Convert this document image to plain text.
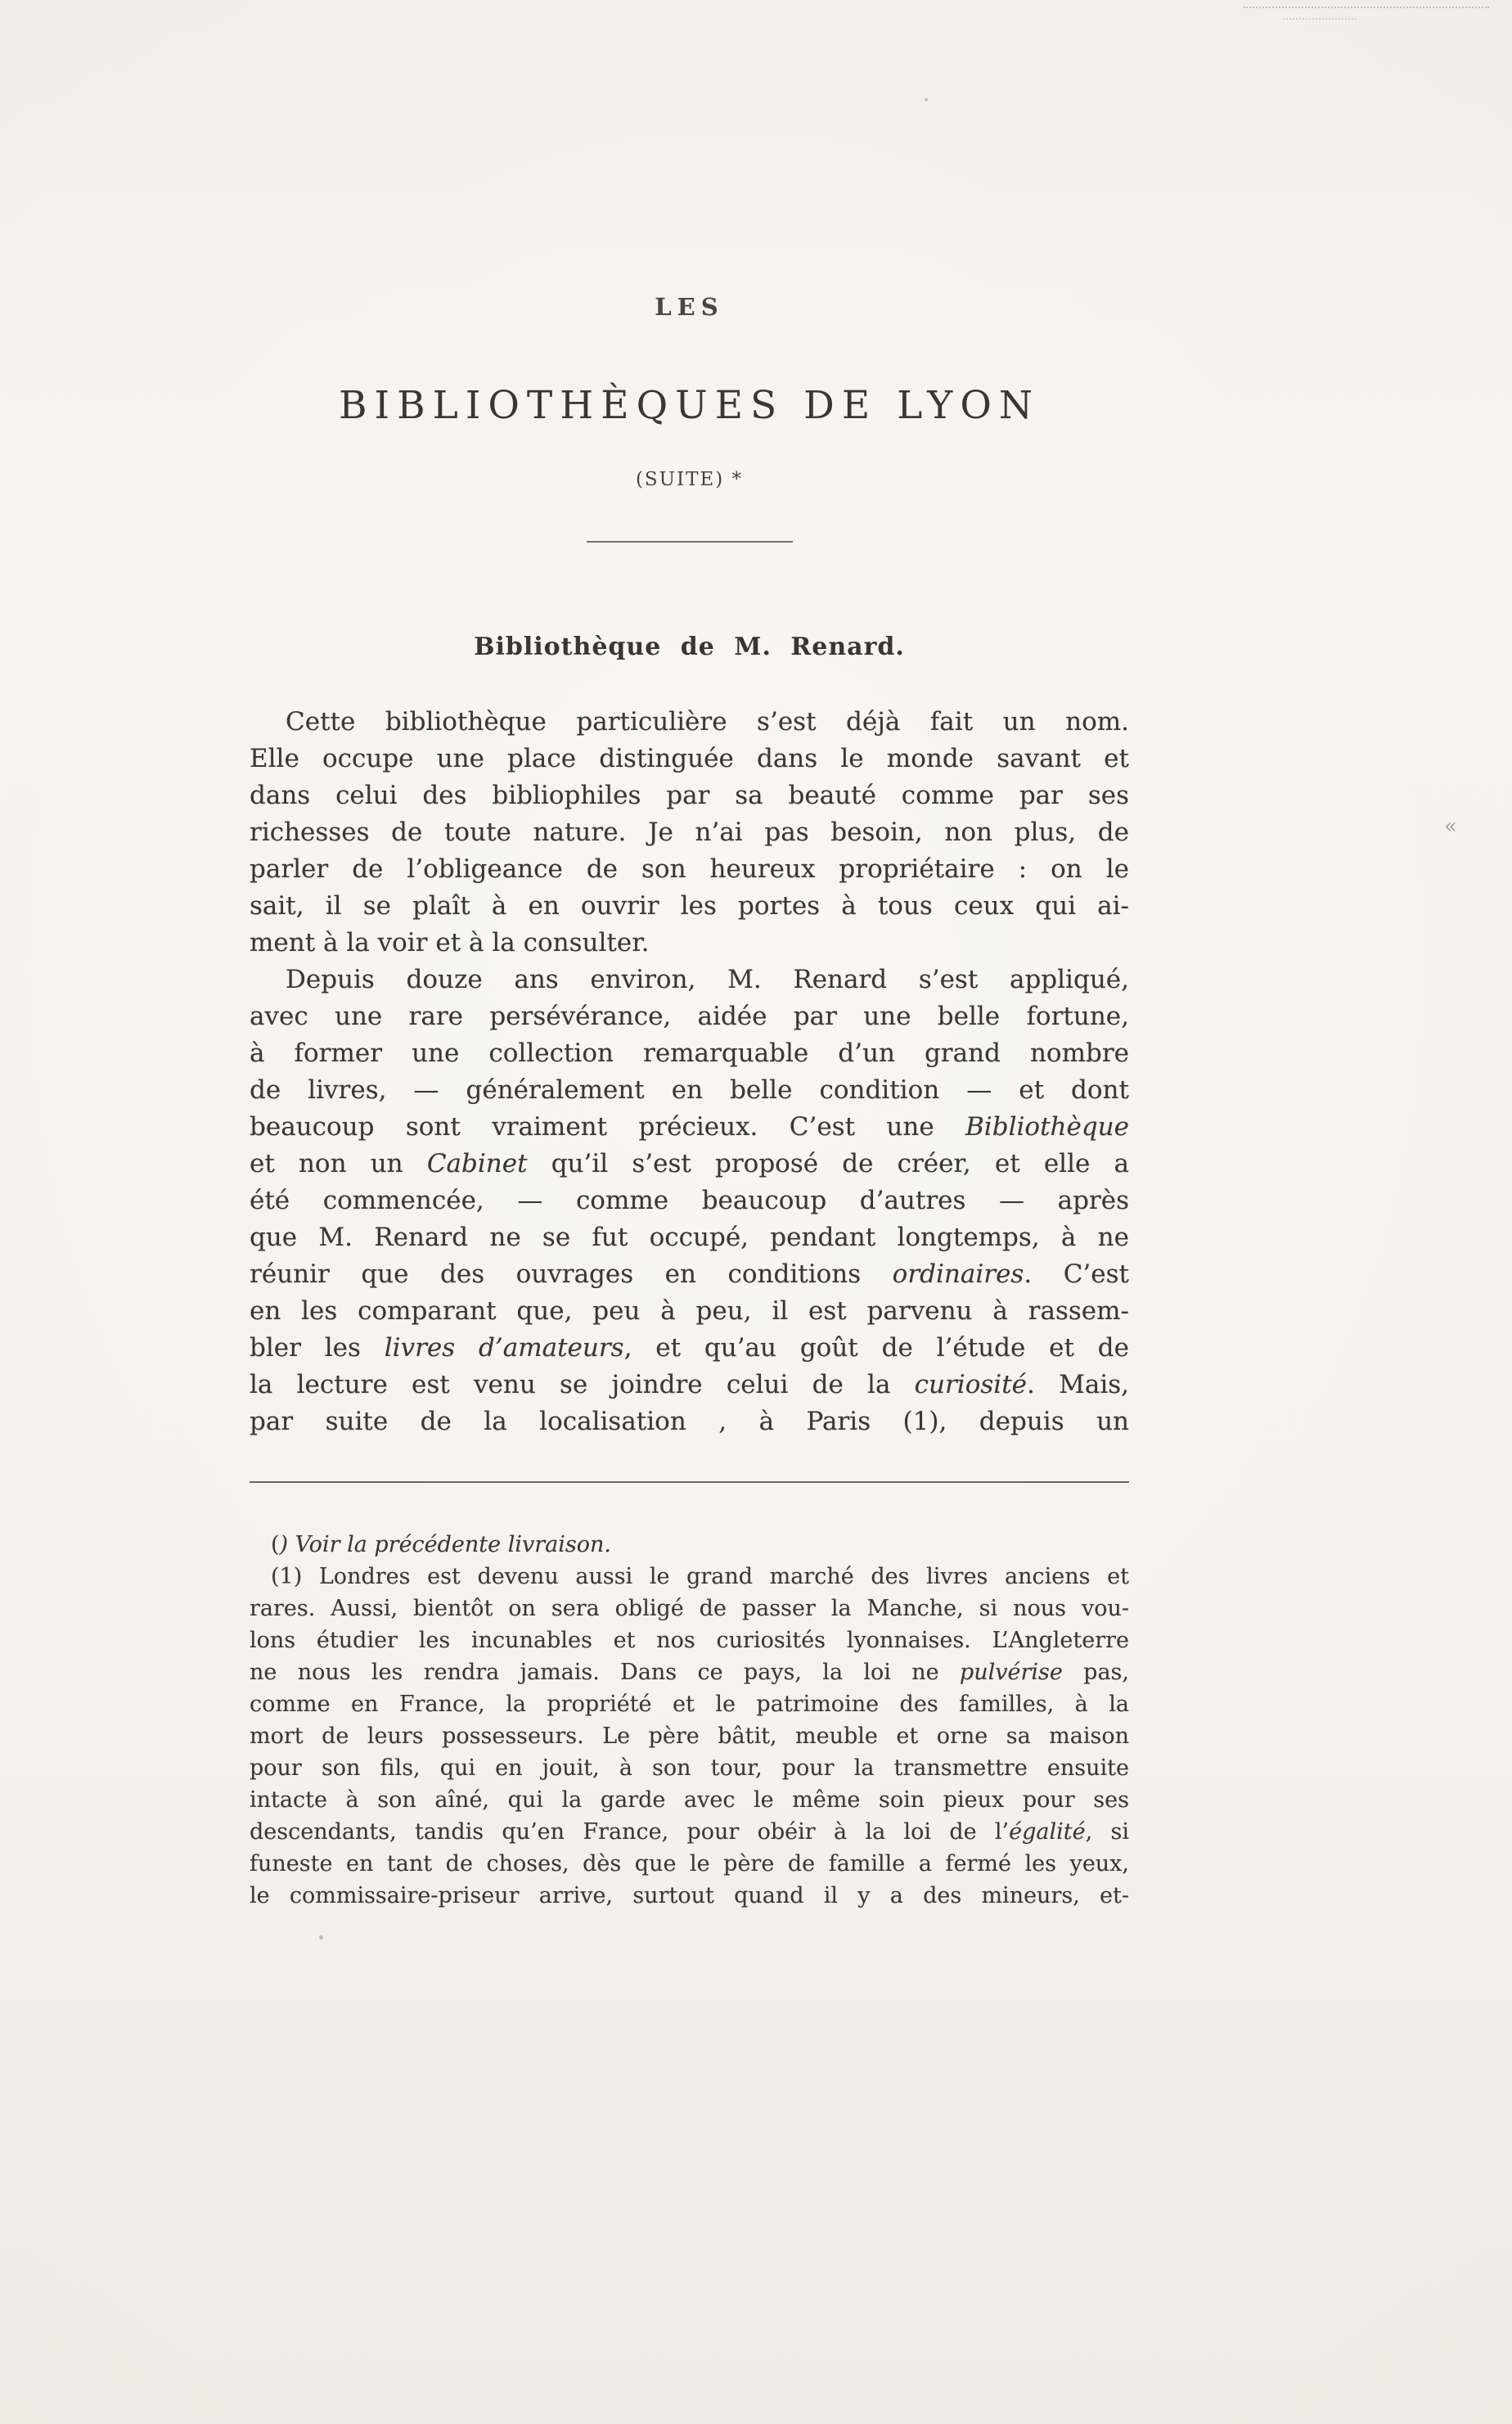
«
LES
BIBLIOTHÈQUES DE LYON
(SUITE) *
Bibliothèque de M. Renard.
Cette bibliothèque particulière s’est déjà fait un nom.
Elle occupe une place distinguée dans le monde savant et
dans celui des bibliophiles par sa beauté comme par ses
richesses de toute nature. Je n’ai pas besoin, non plus, de
parler de l’obligeance de son heureux propriétaire : on le
sait, il se plaît à en ouvrir les portes à tous ceux qui ai-
ment à la voir et à la consulter.
Depuis douze ans environ, M. Renard s’est appliqué,
avec une rare persévérance, aidée par une belle fortune,
à former une collection remarquable d’un grand nombre
de livres, — généralement en belle condition — et dont
beaucoup sont vraiment précieux. C’est une Bibliothèque
et non un Cabinet qu’il s’est proposé de créer, et elle a
été commencée, — comme beaucoup d’autres — après
que M. Renard ne se fut occupé, pendant longtemps, à ne
réunir que des ouvrages en conditions ordinaires. C’est
en les comparant que, peu à peu, il est parvenu à rassem-
bler les livres d’amateurs, et qu’au goût de l’étude et de
la lecture est venu se joindre celui de la curiosité. Mais,
par suite de la localisation , à Paris (1), depuis un
() Voir la précédente livraison.
(1) Londres est devenu aussi le grand marché des livres anciens et
rares. Aussi, bientôt on sera obligé de passer la Manche, si nous vou-
lons étudier les incunables et nos curiosités lyonnaises. L’Angleterre
ne nous les rendra jamais. Dans ce pays, la loi ne pulvérise pas,
comme en France, la propriété et le patrimoine des familles, à la
mort de leurs possesseurs. Le père bâtit, meuble et orne sa maison
pour son fils, qui en jouit, à son tour, pour la transmettre ensuite
intacte à son aîné, qui la garde avec le même soin pieux pour ses
descendants, tandis qu’en France, pour obéir à la loi de l’égalité, si
funeste en tant de choses, dès que le père de famille a fermé les yeux,
le commissaire-priseur arrive, surtout quand il y a des mineurs, et-
